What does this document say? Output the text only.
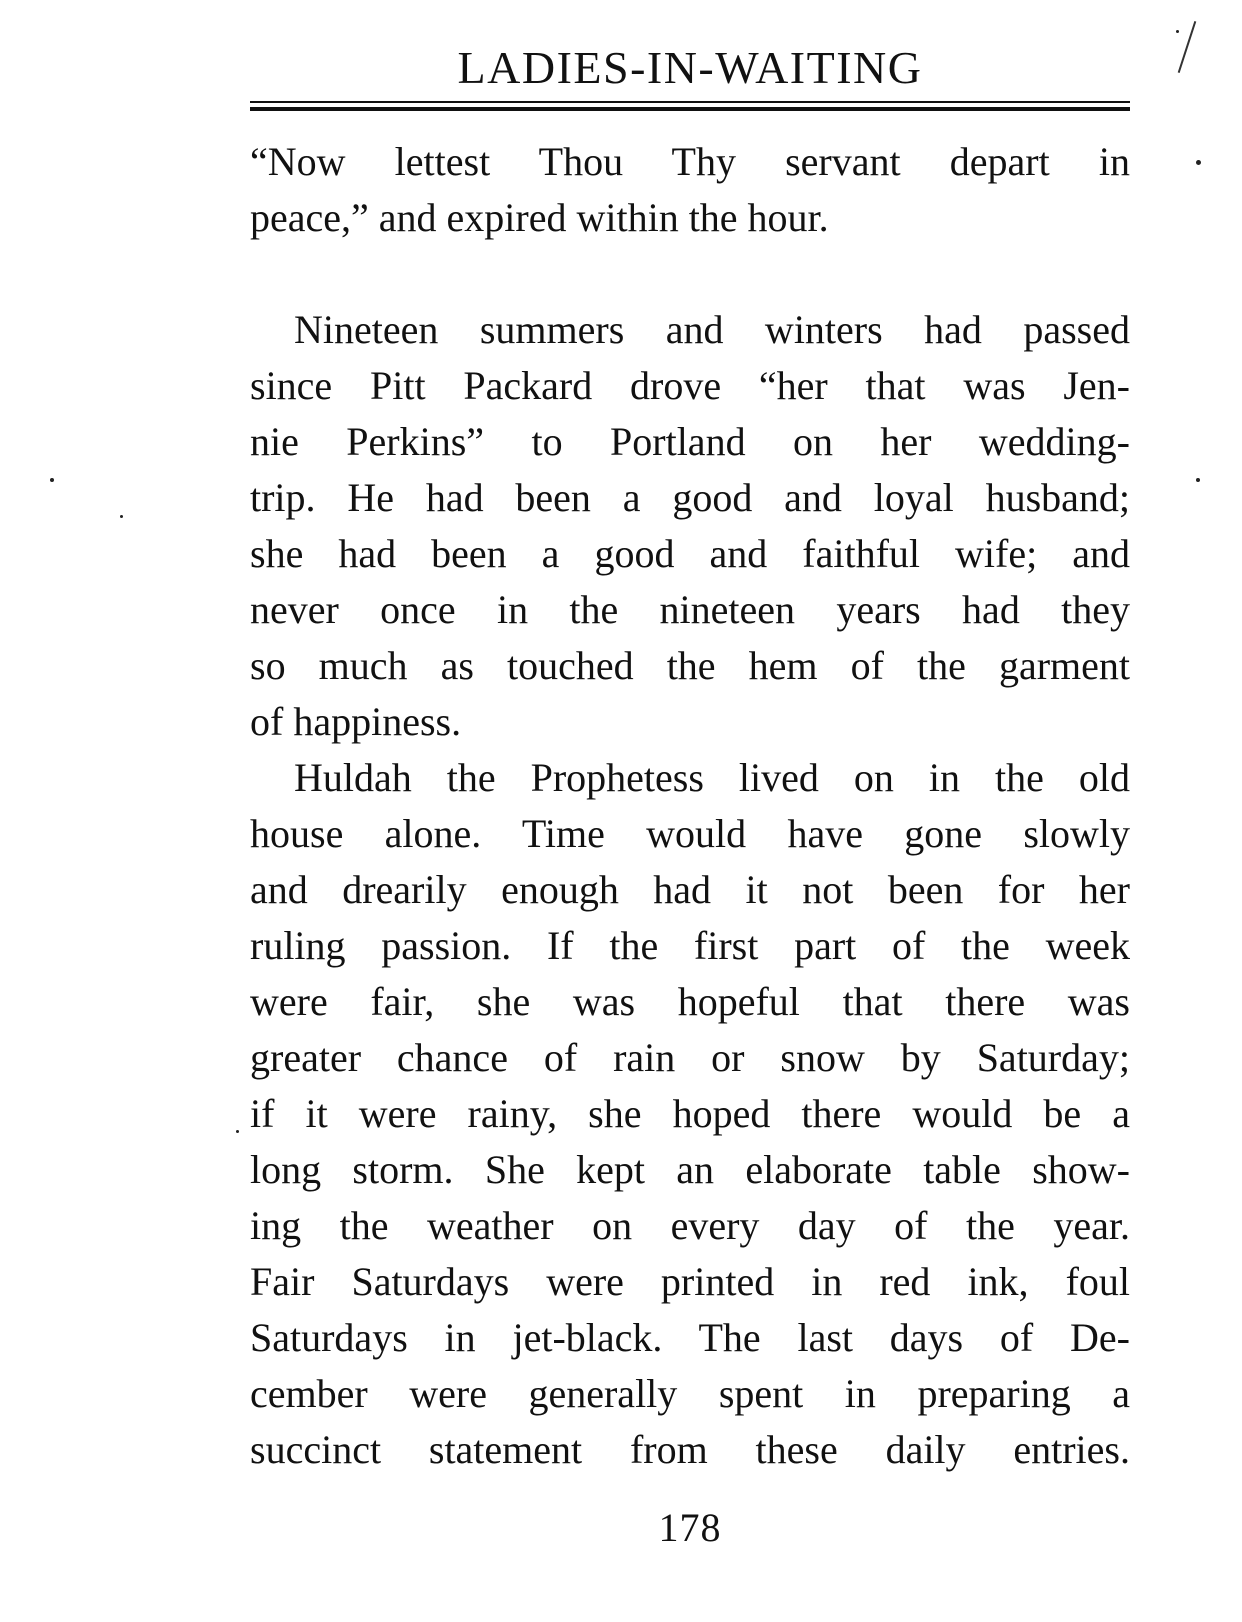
LADIES-IN-WAITING
“Now lettest Thou Thy servant depart in
peace,” and expired within the hour.
Nineteen summers and winters had passed
since Pitt Packard drove “her that was Jen-
nie Perkins” to Portland on her wedding-
trip. He had been a good and loyal husband;
she had been a good and faithful wife; and
never once in the nineteen years had they
so much as touched the hem of the garment
of happiness.
Huldah the Prophetess lived on in the old
house alone. Time would have gone slowly
and drearily enough had it not been for her
ruling passion. If the first part of the week
were fair, she was hopeful that there was
greater chance of rain or snow by Saturday;
if it were rainy, she hoped there would be a
long storm. She kept an elaborate table show-
ing the weather on every day of the year.
Fair Saturdays were printed in red ink, foul
Saturdays in jet-black. The last days of De-
cember were generally spent in preparing a
succinct statement from these daily entries.
178
